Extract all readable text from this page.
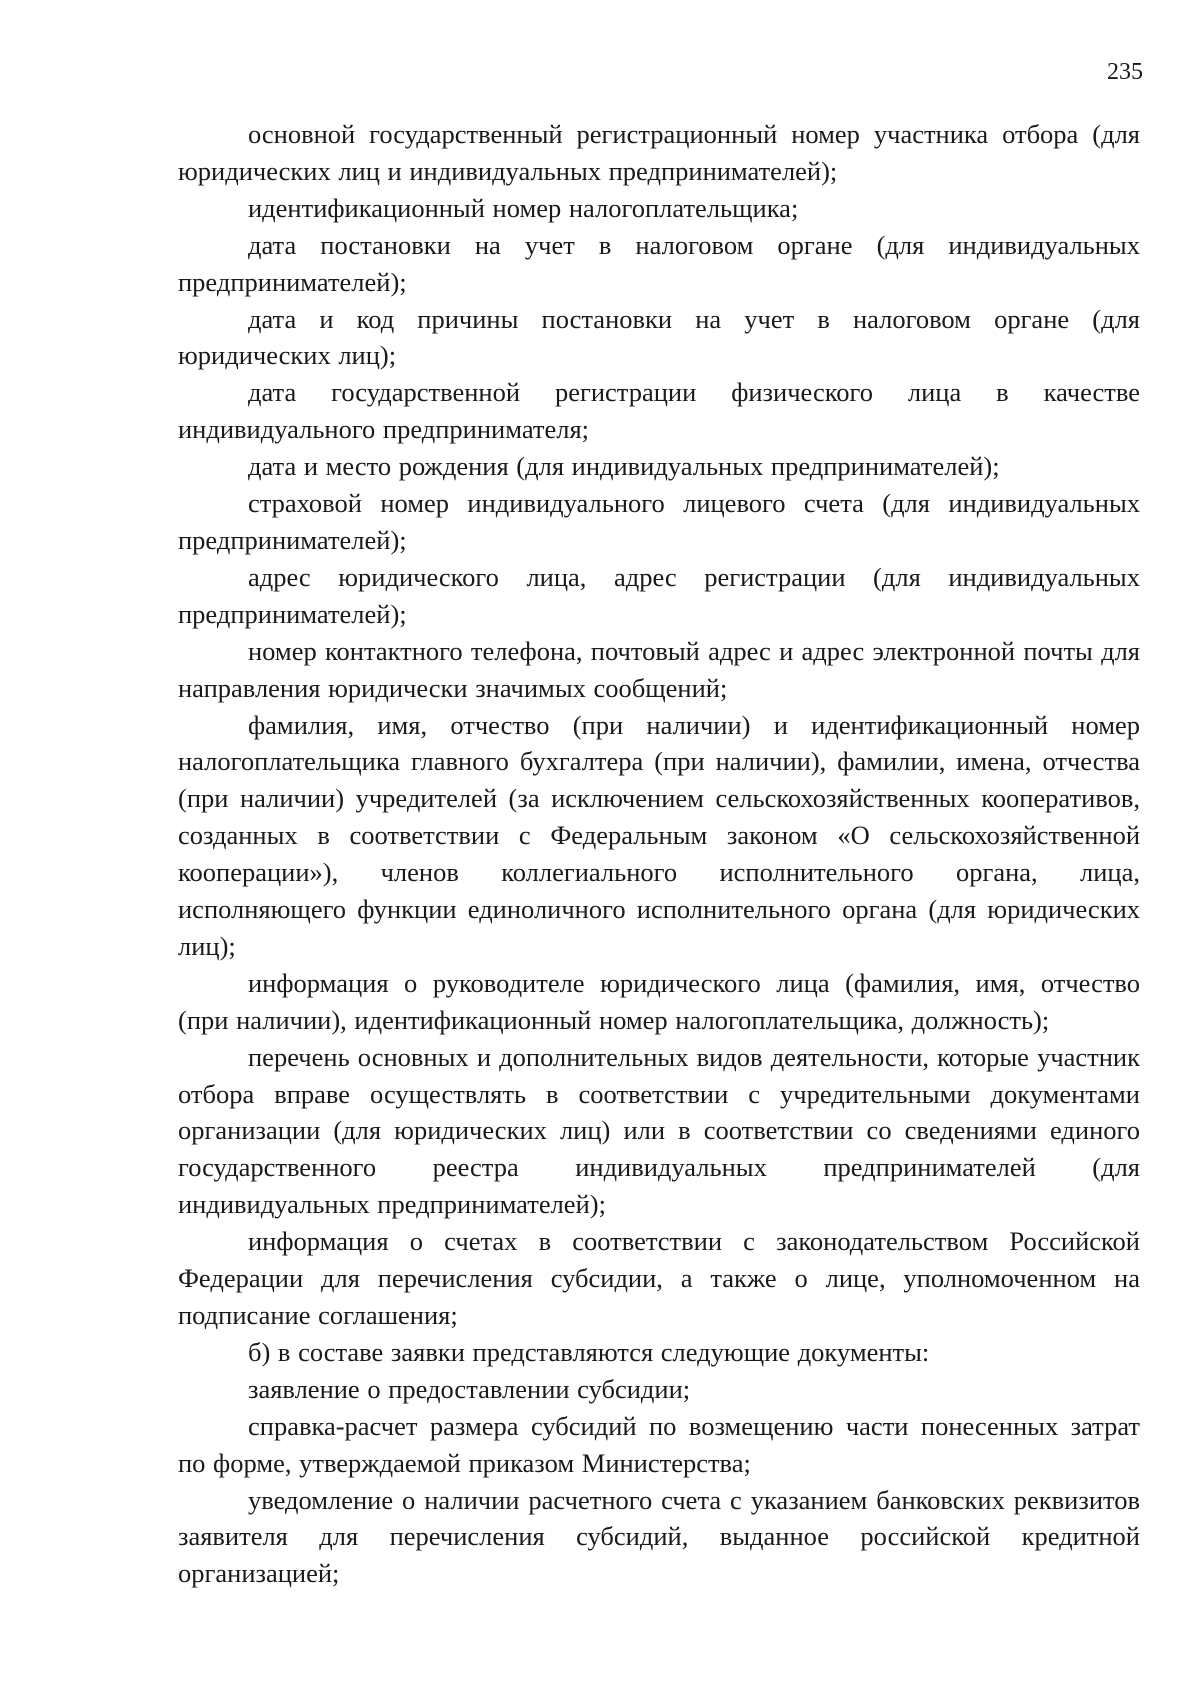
235

основной государственный регистрационный номер участника отбора (для юридических лиц и индивидуальных предпринимателей);

идентификационный номер налогоплательщика;

дата постановки на учет в налоговом органе (для индивидуальных предпринимателей);

дата и код причины постановки на учет в налоговом органе (для юридических лиц);

дата государственной регистрации физического лица в качестве индивидуального предпринимателя;

дата и место рождения (для индивидуальных предпринимателей);

страховой номер индивидуального лицевого счета (для индивидуальных предпринимателей);

адрес юридического лица, адрес регистрации (для индивидуальных предпринимателей);

номер контактного телефона, почтовый адрес и адрес электронной почты для направления юридически значимых сообщений;

фамилия, имя, отчество (при наличии) и идентификационный номер налогоплательщика главного бухгалтера (при наличии), фамилии, имена, отчества (при наличии) учредителей (за исключением сельскохозяйственных кооперативов, созданных в соответствии с Федеральным законом «О сельскохозяйственной кооперации»), членов коллегиального исполнительного органа, лица, исполняющего функции единоличного исполнительного органа (для юридических лиц);

информация о руководителе юридического лица (фамилия, имя, отчество (при наличии), идентификационный номер налогоплательщика, должность);

перечень основных и дополнительных видов деятельности, которые участник отбора вправе осуществлять в соответствии с учредительными документами организации (для юридических лиц) или в соответствии со сведениями единого государственного реестра индивидуальных предпринимателей (для индивидуальных предпринимателей);

информация о счетах в соответствии с законодательством Российской Федерации для перечисления субсидии, а также о лице, уполномоченном на подписание соглашения;

б) в составе заявки представляются следующие документы:

заявление о предоставлении субсидии;

справка-расчет размера субсидий по возмещению части понесенных затрат по форме, утверждаемой приказом Министерства;

уведомление о наличии расчетного счета с указанием банковских реквизитов заявителя для перечисления субсидий, выданное российской кредитной организацией;
